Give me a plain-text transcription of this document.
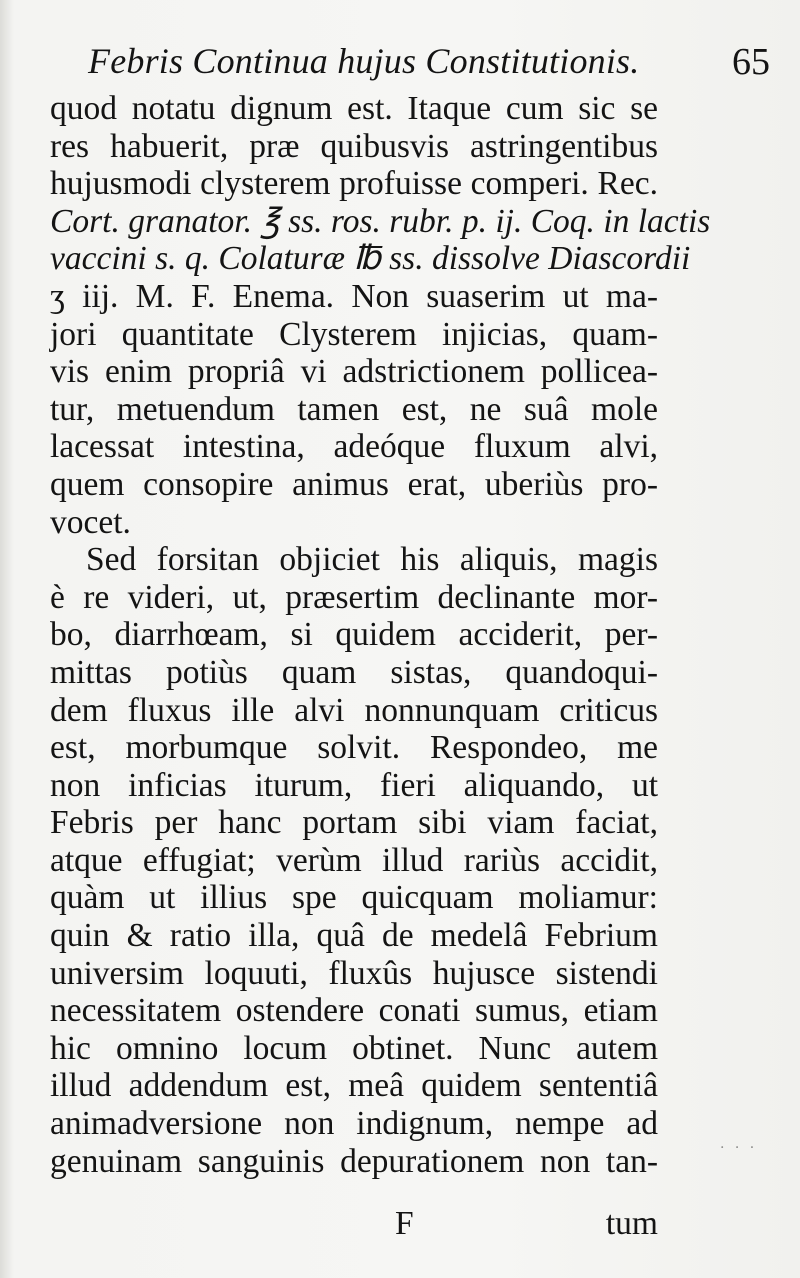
Febris Continua hujus Constitutionis. 65
quod notatu dignum est. Itaque cum sic se
res habuerit, præ quibusvis astringentibus
hujusmodi clysterem profuisse comperi. Rec.
Cort. granator. ℥ ss. ros. rubr. p. ij. Coq. in lactis
vaccini s. q. Colaturæ ℔ ss. dissolve Diascordii
ʒ iij. M. F. Enema. Non suaserim ut ma-
jori quantitate Clysterem injicias, quam-
vis enim propriâ vi adstrictionem pollicea-
tur, metuendum tamen est, ne suâ mole
lacessat intestina, adeóque fluxum alvi,
quem consopire animus erat, uberiùs pro-
vocet.
Sed forsitan objiciet his aliquis, magis
è re videri, ut, præsertim declinante mor-
bo, diarrhœam, si quidem acciderit, per-
mittas potiùs quam sistas, quandoqui-
dem fluxus ille alvi nonnunquam criticus
est, morbumque solvit. Respondeo, me
non inficias iturum, fieri aliquando, ut
Febris per hanc portam sibi viam faciat,
atque effugiat; verùm illud rariùs accidit,
quàm ut illius spe quicquam moliamur:
quin & ratio illa, quâ de medelâ Febrium
universim loquuti, fluxûs hujusce sistendi
necessitatem ostendere conati sumus, etiam
hic omnino locum obtinet. Nunc autem
illud addendum est, meâ quidem sententiâ
animadversione non indignum, nempe ad
genuinam sanguinis depurationem non tan-
F	tum
· · ·
